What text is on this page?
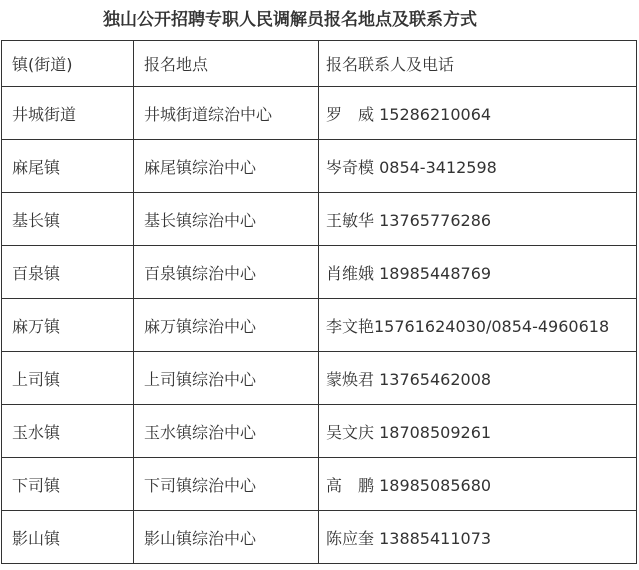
独山公开招聘专职人民调解员报名地点及联系方式
镇(街道)	报名地点	报名联系人及电话
井城街道	井城街道综治中心	罗　威 15286210064
麻尾镇	麻尾镇综治中心	岑奇模 0854-3412598
基长镇	基长镇综治中心	王敏华 13765776286
百泉镇	百泉镇综治中心	肖维娥 18985448769
麻万镇	麻万镇综治中心	李文艳15761624030/0854-4960618
上司镇	上司镇综治中心	蒙焕君 13765462008
玉水镇	玉水镇综治中心	吴文庆 18708509261
下司镇	下司镇综治中心	高　鹏 18985085680
影山镇	影山镇综治中心	陈应奎 13885411073
